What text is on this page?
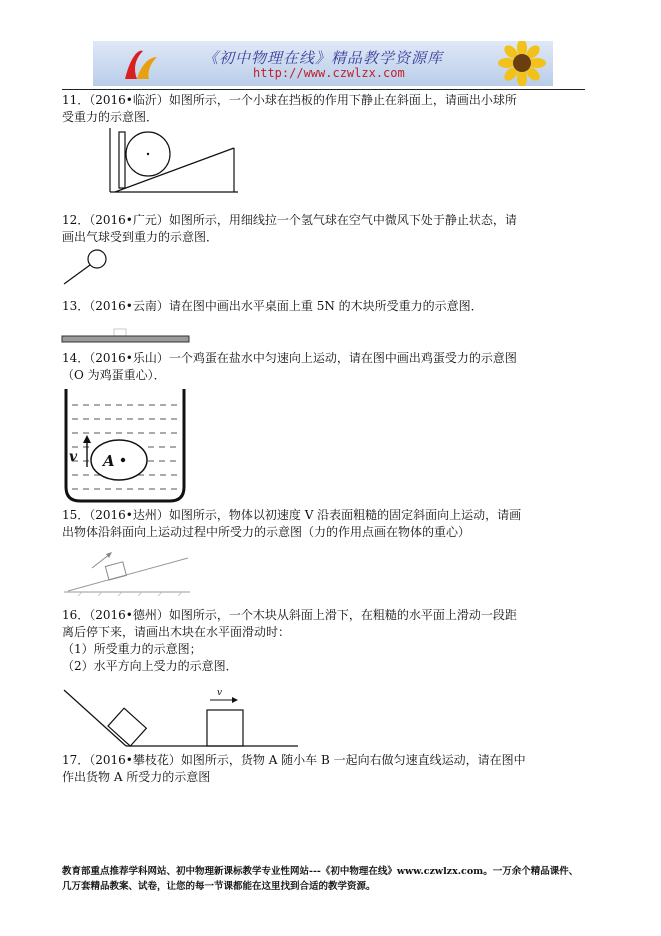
《初中物理在线》精品教学资源库
http://www.czwlzx.com
11．（2016•临沂）如图所示，一个小球在挡板的作用下静止在斜面上，请画出小球所
受重力的示意图．
12．（2016•广元）如图所示，用细线拉一个氢气球在空气中微风下处于静止状态，请
画出气球受到重力的示意图．
13．（2016•云南）请在图中画出水平桌面上重 5N 的木块所受重力的示意图．
14．（2016•乐山）一个鸡蛋在盐水中匀速向上运动，请在图中画出鸡蛋受力的示意图
（O 为鸡蛋重心）．
v A
15．（2016•达州）如图所示，物体以初速度 V 沿表面粗糙的固定斜面向上运动，请画
出物体沿斜面向上运动过程中所受力的示意图（力的作用点画在物体的重心）
16．（2016•德州）如图所示，一个木块从斜面上滑下，在粗糙的水平面上滑动一段距
离后停下来，请画出木块在水平面滑动时：
（1）所受重力的示意图；
（2）水平方向上受力的示意图．
v
17．（2016•攀枝花）如图所示，货物 A 随小车 B 一起向右做匀速直线运动，请在图中
作出货物 A 所受力的示意图
教育部重点推荐学科网站、初中物理新课标教学专业性网站---《初中物理在线》www.czwlzx.com。一万余个精品课件、
几万套精品教案、试卷，让您的每一节课都能在这里找到合适的教学资源。
